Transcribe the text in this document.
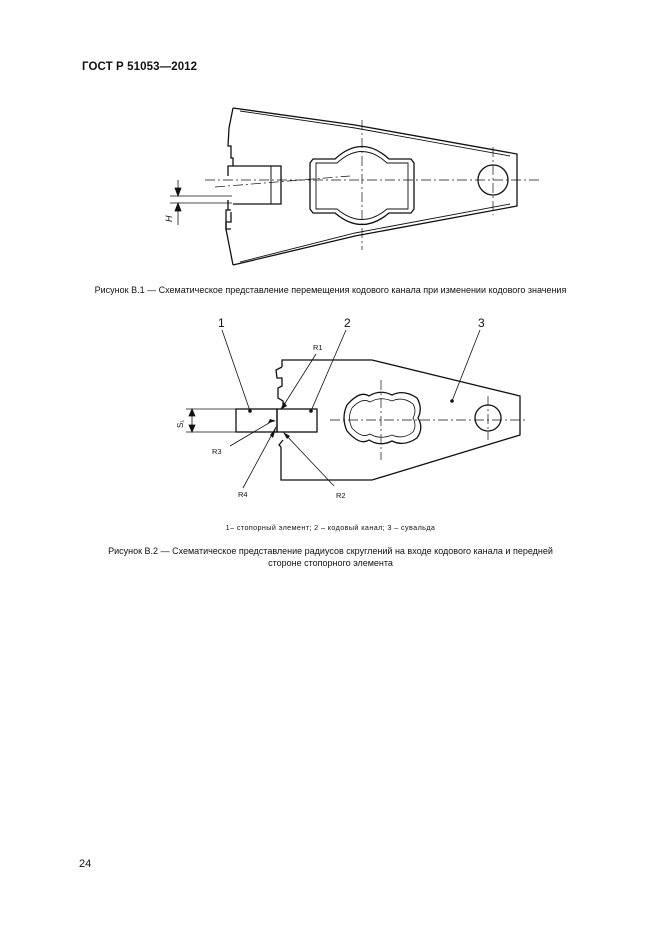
ГОСТ Р 51053—2012
H
Рисунок В.1 — Схематическое представление перемещения кодового канала при изменении кодового значения
S₁
1	2	3
R1
R2
R3
R4
1– стопорный элемент; 2 – кодовый канал; 3 – сувальда
Рисунок В.2 — Схематическое представление радиусов скруглений на входе кодового канала и передней
стороне стопорного элемента
24
